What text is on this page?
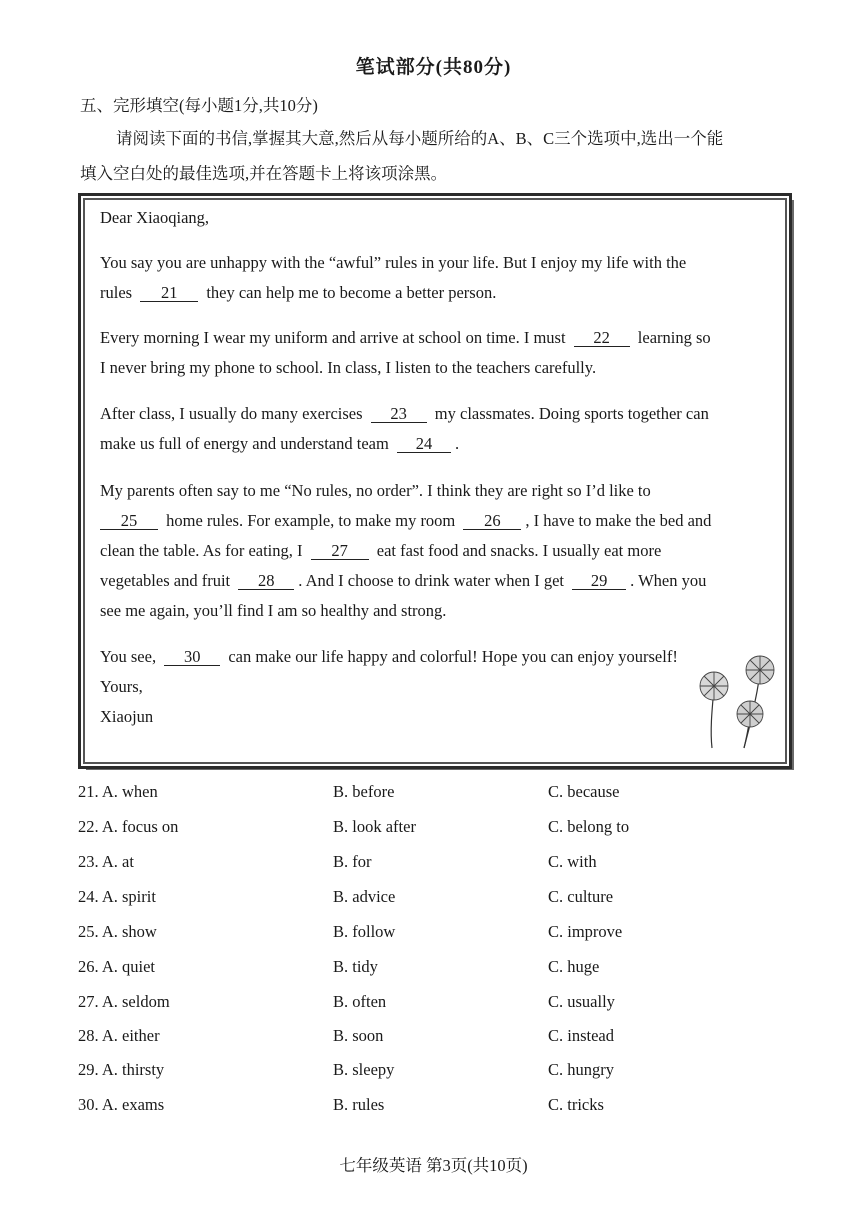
笔试部分(共80分)
五、完形填空(每小题1分,共10分)
请阅读下面的书信,掌握其大意,然后从每小题所给的A、B、C三个选项中,选出一个能
填入空白处的最佳选项,并在答题卡上将该项涂黑。
Dear Xiaoqiang,
You say you are unhappy with the “awful” rules in your life. But I enjoy my life with the
rules 21 they can help me to become a better person.
Every morning I wear my uniform and arrive at school on time. I must 22 learning so
I never bring my phone to school. In class, I listen to the teachers carefully.
After class, I usually do many exercises 23 my classmates. Doing sports together can
make us full of energy and understand team 24 .
My parents often say to me “No rules, no order”. I think they are right so I’d like to
25 home rules. For example, to make my room 26 , I have to make the bed and
clean the table. As for eating, I 27 eat fast food and snacks. I usually eat more
vegetables and fruit 28 . And I choose to drink water when I get 29 . When you
see me again, you’ll find I am so healthy and strong.
You see, 30 can make our life happy and colorful! Hope you can enjoy yourself!
Yours,
Xiaojun
21. A. when	B. before	C. because
22. A. focus on	B. look after	C. belong to
23. A. at	B. for	C. with
24. A. spirit	B. advice	C. culture
25. A. show	B. follow	C. improve
26. A. quiet	B. tidy	C. huge
27. A. seldom	B. often	C. usually
28. A. either	B. soon	C. instead
29. A. thirsty	B. sleepy	C. hungry
30. A. exams	B. rules	C. tricks
七年级英语 第3页(共10页)
